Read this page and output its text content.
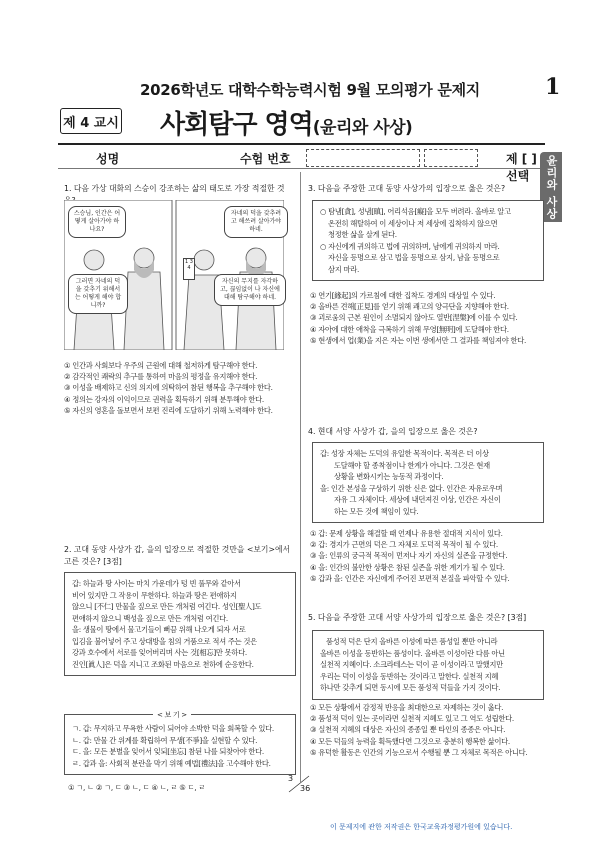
2026학년도 대학수학능력시험 9월 모의평가 문제지	1
제 4 교시 사회탐구 영역(윤리와 사상)
성명	수험 번호	제 [ ] 선택	윤리와 사상
1. 다음 가상 대화의 스승이 강조하는 삶의 태도로 가장 적절한 것
스승님, 인간은 어떻게 살아가야 하나요?
자네의 덕을 갖추려고 해쓰려 살아가야 하네.
그러면 자네의 덕을 갖추기 위해서는 어떻게 해야 합니까?
자신의 무지를 자각하고, 끊임없이 나 자신에 대해 탐구해야 하네.
1 3 4
① 인간과 사회보다 우주의 근원에 대해 철저하게 탐구해야 한다.
② 감각적인 쾌락의 추구를 통하여 마음의 평정을 유지해야 한다.
③ 이성을 배제하고 신의 의지에 의탁하여 참된 행복을 추구해야 한다.
④ 정의는 강자의 이익이므로 권력을 획득하기 위해 분투해야 한다.
⑤ 자신의 영혼을 돌보면서 보편 진리에 도달하기 위해 노력해야 한다.
2. 고대 동양 사상가 갑, 을의 입장으로 적절한 것만을 <보기>에서 고른 것은? [3점]
갑: 하늘과 땅 사이는 마치 가운데가 텅 빈 풀무와 같아서
비어 있지만 그 작용이 무한하다. 하늘과 땅은 편애하지
않으니 [不仁] 만물을 짚으로 만든 개처럼 여긴다. 성인[聖人]도
편애하지 않으니 백성을 짚으로 만든 개처럼 여긴다.
을: 생물이 땅에서 물고기들이 뻐끔 위해 나오게 되자 서로
입김을 불어넣어 주고 상대방을 침의 거품으로 적셔 주는 것은
강과 호수에서 서로를 잊어버리며 사는 것[相忘]만 못하다.
진인[眞人]은 덕을 지니고 조화된 마음으로 천하에 순응한다.
< 보 기 >
ㄱ. 갑: 무지하고 무욕한 사람이 되어야 소박한 덕을 회복할 수 있다.
ㄴ. 갑: 만물 간 위계를 확립하여 무생[不爭]을 실현할 수 있다.
ㄷ. 을: 모든 분별을 잊어서 잊되[坐忘] 참된 나를 되찾아야 한다.
ㄹ. 갑과 을: 사회적 분란을 막기 위해 예법[禮法]을 고수해야 한다.
① ㄱ, ㄴ ② ㄱ, ㄷ ③ ㄴ, ㄷ ④ ㄴ, ㄹ ⑤ ㄷ, ㄹ
3. 다음을 주장한 고대 동양 사상가의 입장으로 옳은 것은?
○ 탐냄[貪], 성냄[瞋], 어리석음[癡]을 모두 버려라. 올바로 알고
온전히 해탈하여 이 세상이나 저 세상에 집착하지 않으면
청정한 삶을 살게 된다.
○ 자신에게 귀의하고 법에 귀의하며, 남에게 귀의하지 마라.
자신을 등명으로 삼고 법을 등명으로 삼지, 남을 등명으로
삼지 마라.
① 연기[緣起]의 가르침에 대한 집착도 경계의 대상일 수 있다.
② 올바른 견해[正見]를 얻기 위해 쾌고의 양극단을 지향해야 한다.
③ 괴로움의 근본 원인이 소멸되지 않아도 열반[涅槃]에 이를 수 있다.
④ 자아에 대한 애착을 극복하기 위해 무영[無明]에 도달해야 한다.
⑤ 현생에서 업(業)을 지은 자는 이번 생에서만 그 결과를 책임져야 한다.
4. 현대 서양 사상가 갑, 을의 입장으로 옳은 것은?
갑: 성장 자체는 도덕의 유일한 목적이다. 목적은 더 이상
도달해야 할 종착점이나 한계가 아니다. 그것은 현재
상황을 변화시키는 능동적 과정이다.
을: 인간 본성을 구상하기 위한 신은 없다. 인간은 자유로우며
자유 그 자체이다. 세상에 내던져진 이상, 인간은 자신이
하는 모든 것에 책임이 있다.
① 갑: 문제 상황을 해결할 때 언제나 유용한 절대적 지식이 있다.
② 갑: 경지가 근면의 덕은 그 자체로 도덕적 목적이 될 수 있다.
③ 을: 인류의 궁극적 목적이 먼저나 자기 자신의 실존을 규정한다.
④ 을: 인간의 불안한 상황은 참된 실존을 위한 계기가 될 수 있다.
⑤ 갑과 을: 인간은 자신에게 주어진 보편적 본질을 파악할 수 있다.
5. 다음을 주장한 고대 서양 사상가의 입장으로 옳은 것은? [3점]
품성적 덕은 단지 올바른 이성에 따른 품성일 뿐만 아니라
올바른 이성을 동반하는 품성이다. 올바른 이성이란 다름 아닌
실천적 지혜이다. 소크라테스는 덕이 곧 이성이라고 말했지만
우리는 덕이 이성을 동반하는 것이라고 말한다. 실천적 지혜
하나만 갖추게 되면 동시에 모든 품성적 덕들을 가지 것이다.
① 모든 상황에서 감정적 반응을 최대한으로 자제하는 것이 옳다.
② 품성적 덕이 있는 곳이라면 실천적 지혜도 있고 그 역도 성립한다.
③ 실천적 지혜의 대상은 자신의 종종일 뿐 타인의 종종은 아니다.
④ 모든 덕들의 능력을 획득했다면 그것으로 충분히 행복한 삶이다.
⑤ 유덕한 활동은 인간의 기능으로서 수행될 뿐 그 자체로 목적은 아니다.
3
36
이 문제지에 관한 저작권은 한국교육과정평가원에 있습니다.
